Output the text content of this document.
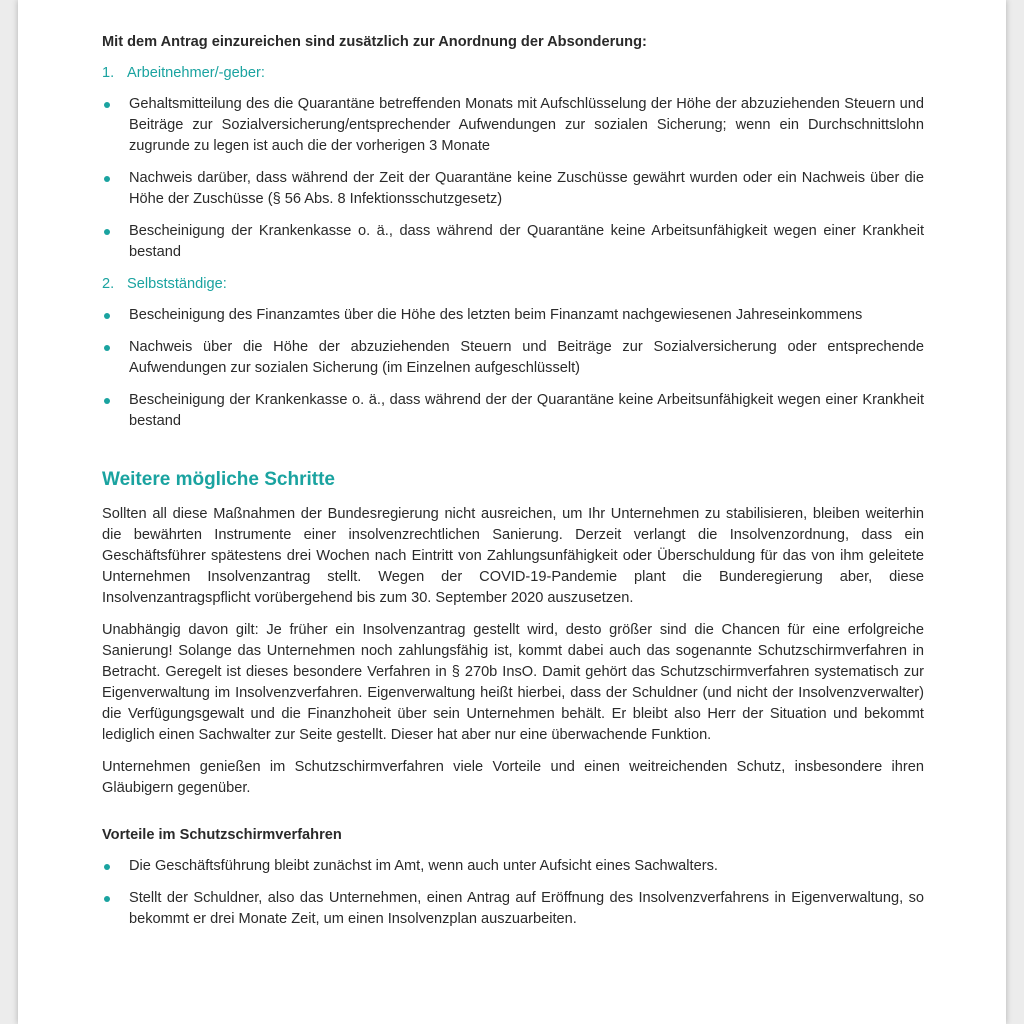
Mit dem Antrag einzureichen sind zusätzlich zur Anordnung der Absonderung:

1. Arbeitnehmer/-geber:
Gehaltsmitteilung des die Quarantäne betreffenden Monats mit Aufschlüsselung der Höhe der abzuziehenden Steuern und Beiträge zur Sozialversicherung/entsprechender Aufwendungen zur sozialen Sicherung; wenn ein Durchschnittslohn zugrunde zu legen ist auch die der vorherigen 3 Monate
Nachweis darüber, dass während der Zeit der Quarantäne keine Zuschüsse gewährt wurden oder ein Nachweis über die Höhe der Zuschüsse (§ 56 Abs. 8 Infektionsschutzgesetz)
Bescheinigung der Krankenkasse o. ä., dass während der Quarantäne keine Arbeitsunfähigkeit wegen einer Krankheit bestand
2. Selbstständige:
Bescheinigung des Finanzamtes über die Höhe des letzten beim Finanzamt nachgewiesenen Jahreseinkommens
Nachweis über die Höhe der abzuziehenden Steuern und Beiträge zur Sozialversicherung oder entsprechende Aufwendungen zur sozialen Sicherung (im Einzelnen aufgeschlüsselt)
Bescheinigung der Krankenkasse o. ä., dass während der der Quarantäne keine Arbeitsunfähigkeit wegen einer Krankheit bestand
Weitere mögliche Schritte

Sollten all diese Maßnahmen der Bundesregierung nicht ausreichen, um Ihr Unternehmen zu stabilisieren, bleiben weiterhin die bewährten Instrumente einer insolvenzrechtlichen Sanierung. Derzeit verlangt die Insolvenzordnung, dass ein Geschäftsführer spätestens drei Wochen nach Eintritt von Zahlungsunfähigkeit oder Überschuldung für das von ihm geleitete Unternehmen Insolvenzantrag stellt. Wegen der COVID-19-Pandemie plant die Bunderegierung aber, diese Insolvenzantragspflicht vorübergehend bis zum 30. September 2020 auszusetzen.

Unabhängig davon gilt: Je früher ein Insolvenzantrag gestellt wird, desto größer sind die Chancen für eine erfolgreiche Sanierung! Solange das Unternehmen noch zahlungsfähig ist, kommt dabei auch das sogenannte Schutzschirmverfahren in Betracht. Geregelt ist dieses besondere Verfahren in § 270b InsO. Damit gehört das Schutzschirmverfahren systematisch zur Eigenverwaltung im Insolvenzverfahren. Eigenverwaltung heißt hierbei, dass der Schuldner (und nicht der Insolvenzverwalter) die Verfügungsgewalt und die Finanzhoheit über sein Unternehmen behält. Er bleibt also Herr der Situation und bekommt lediglich einen Sachwalter zur Seite gestellt. Dieser hat aber nur eine überwachende Funktion.

Unternehmen genießen im Schutzschirmverfahren viele Vorteile und einen weitreichenden Schutz, insbesondere ihren Gläubigern gegenüber.

Vorteile im Schutzschirmverfahren
Die Geschäftsführung bleibt zunächst im Amt, wenn auch unter Aufsicht eines Sachwalters.
Stellt der Schuldner, also das Unternehmen, einen Antrag auf Eröffnung des Insolvenzverfahrens in Eigenverwaltung, so bekommt er drei Monate Zeit, um einen Insolvenzplan auszuarbeiten.
